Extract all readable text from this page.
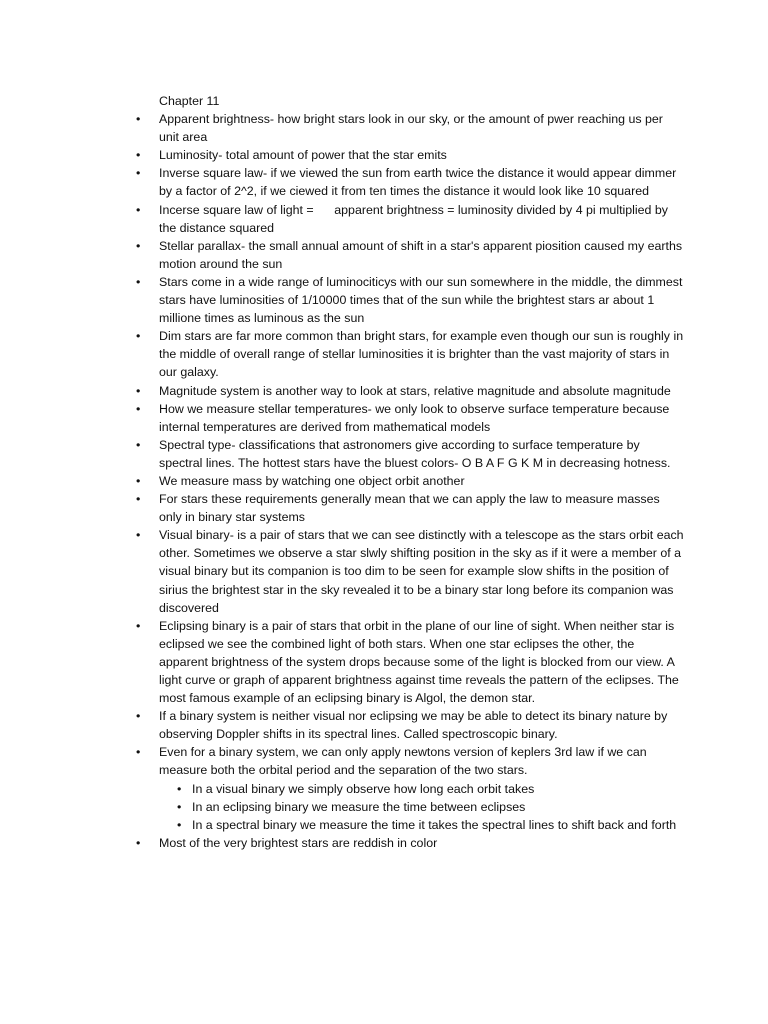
Chapter 11

•	Apparent brightness- how bright stars look in our sky, or the amount of pwer reaching us per unit area
•	Luminosity- total amount of power that the star emits
•	Inverse square law- if we viewed the sun from earth twice the distance it would appear dimmer by a factor of 2^2, if we ciewed it from ten times the distance it would look like 10 squared
•	Incerse square law of light =      apparent brightness = luminosity divided by 4 pi multiplied by the distance squared
•	Stellar parallax- the small annual amount of shift in a star's apparent piosition caused my earths motion around the sun
•	Stars come in a wide range of luminociticys with our sun somewhere in the middle, the dimmest stars have luminosities of 1/10000 times that of the sun while the brightest stars ar about 1 millione times as luminous as the sun
•	Dim stars are far more common than bright stars, for example even though our sun is roughly in the middle of overall range of stellar luminosities it is brighter than the vast majority of stars in our galaxy.
•	Magnitude system is another way to look at stars, relative magnitude and absolute magnitude
•	How we measure stellar temperatures- we only look to observe surface temperature because internal temperatures are derived from mathematical models
•	Spectral type- classifications that astronomers give according to surface temperature by spectral lines. The hottest stars have the bluest colors- O B A F G K M in decreasing hotness.
•	We measure mass by watching one object orbit another
•	For stars these requirements generally mean that we can apply the law to measure masses only in binary star systems
•	Visual binary- is a pair of stars that we can see distinctly with a telescope as the stars orbit each other. Sometimes we observe a star slwly shifting position in the sky as if it were a member of a visual binary but its companion is too dim to be seen for example slow shifts in the position of sirius the brightest star in the sky revealed it to be a binary star long before its companion was discovered
•	Eclipsing binary is a pair of stars that orbit in the plane of our line of sight. When neither star is eclipsed we see the combined light of both stars. When one star eclipses the other, the apparent brightness of the system drops because some of the light is blocked from our view. A light curve or graph of apparent brightness against time reveals the pattern of the eclipses. The most famous example of an eclipsing binary is Algol, the demon star.
•	If a binary system is neither visual nor eclipsing we may be able to detect its binary nature by observing Doppler shifts in its spectral lines. Called spectroscopic binary.
•	Even for a binary system, we can only apply newtons version of keplers 3rd law if we can measure both the orbital period and the separation of the two stars.
• In a visual binary we simply observe how long each orbit takes
• In an eclipsing binary we measure the time between eclipses
• In a spectral binary we measure the time it takes the spectral lines to shift back and forth
•	Most of the very brightest stars are reddish in color
